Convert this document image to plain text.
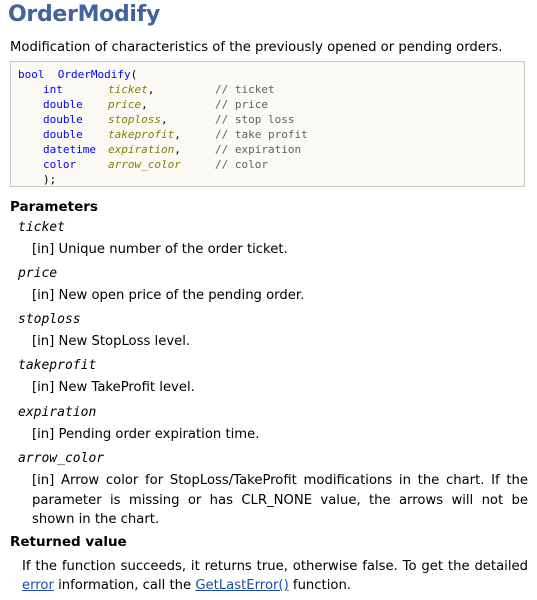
OrderModify
Modification of characteristics of the previously opened or pending orders.
bool OrderModify(
int	ticket,	// ticket
double price,	// price
double stoploss,	// stop loss
double takeprofit,	// take profit
datetime expiration,	// expiration
color	arrow_color	// color
);
Parameters
ticket
[in] Unique number of the order ticket.
price
[in] New open price of the pending order.
stoploss
[in] New StopLoss level.
takeprofit
[in] New TakeProfit level.
expiration
[in] Pending order expiration time.
arrow_color
[in] Arrow color for StopLoss/TakeProfit modifications in the chart. If the parameter is missing or has CLR_NONE value, the arrows will not be shown in the chart.
Returned value
If the function succeeds, it returns true, otherwise false. To get the detailed error information, call the GetLastError() function.
